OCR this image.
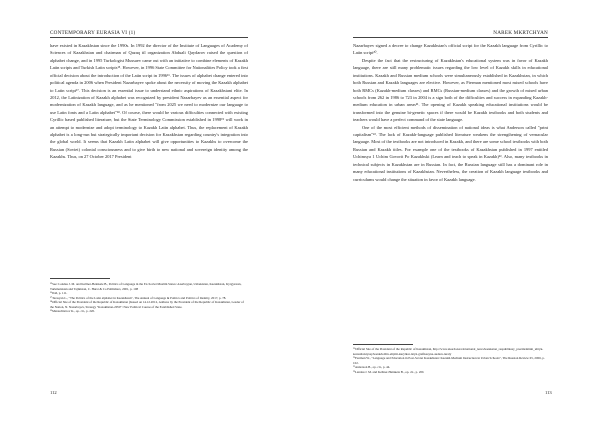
CONTEMPORARY EURASIA VI (1)

have existed in Kazakhstan since the 1990s. In 1992 the director of the Institute of Languages of Academy of Sciences of Kazakhstan and chairman of Qazaq til organization Abduali Qaydarov raised the question of alphabet change, and in 1995 Turkologist Mussaev came out with an initiative to combine elements of Kazakh Latin scripts and Turkish Latin scripts¹⁵. However, in 1996 State Committee for Nationalities Policy took a first official decision about the introduction of the Latin script in 1996¹⁶. The issues of alphabet change entered into political agenda in 2006 when President Nazarbayev spoke about the necessity of moving the Kazakh alphabet to Latin script¹⁷. This decision is an essential issue to understand ethnic aspirations of Kazakhstani elite. In 2012, the Latinization of Kazakh alphabet was recognized by president Nazarbayev as an essential aspect for modernization of Kazakh language, and as he mentioned "from 2025 we need to modernize our language to use Latin fonts and a Latin alphabet"¹⁸. Of course, there would be various difficulties connected with existing Cyrillic based published literature, but the State Terminology Commission established in 1998¹⁹ will work in an attempt to modernize and adopt terminology to Kazakh Latin alphabet. Thus, the replacement of Kazakh alphabet is a long-run but strategically important decision for Kazakhstan regarding country's integration into the global world. It seems that Kazakh Latin alphabet will give opportunities to Kazakhs to overcome the Russian (Soviet) colonial consciousness and to give birth to new national and sovereign identity among the Kazakhs. Thus, on 27 October 2017 President

¹⁵See: Landau J. M. and Kellner-Heinkele B., Politics of Language in the Ex-Soviet Muslim States: Azerbayjan, Uzbekistan, Kazakhstan, Kyrgyzstan, Turkmenistan and Tajikistan, C. Hurst & Co Publishers, 2001, p. 108
¹⁶Ibid, p. 111.
¹⁷Tarasyan L., "The Politics of the Latin alphabet in Kazakhstan", The Annual of Language & Politics and Politics of Identity, 2017, p. 78.
¹⁸Official Site of the President of the Republic of Kazakhstan (Issued on 14.12.2012, Address by the President of the Republic of Kazakhstan, Leader of the Nation, N. Nazarbayev, Strategy "Kazakhstan-2050": New Political Course of the Established State.
¹⁹Matsuchistrov K., op. cit., p. 220.
112
NAREK MKRTCHYAN

Nazarbayev signed a decree to change Kazakhstan's official script for the Kazakh language from Cyrillic to Latin script²⁰.

Despite the fact that the restructuring of Kazakhstan's educational system was in favor of Kazakh language, there are still many problematic issues regarding the low level of Kazakh skills in educational institutions. Kazakh and Russian medium schools were simultaneously established in Kazakhstan, in which both Russian and Kazakh languages are elective. However, as Fierman mentioned most mixed schools have both RMCs (Kazakh-medium classes) and RMCs (Russian-medium classes) and the growth of mixed urban schools from 262 in 1986 to 723 in 2004 is a sign both of the difficulties and success in expanding Kazakh-medium education in urban areas²¹. The opening of Kazakh speaking educational institutions would be transformed into the genuine bi-genetic spaces if there would be Kazakh textbooks and both students and teachers would have a perfect command of the state language.

One of the most efficient methods of dissemination of national ideas is what Anderson called "print capitalism"²². The lack of Kazakh-language published literature weakens the strengthening of vernacular language. Most of the textbooks are not introduced in Kazakh, and there are some school textbooks with both Russian and Kazakh titles. For example one of the textbooks of Kazakhstan published in 1997 entitled Uchimsya 1 Uchim Govorit Po Kazakhski (Learn and teach to speak in Kazakh)²³. Also, many textbooks in technical subjects in Kazakhstan are in Russian. In fact, the Russian language still has a dominant role in many educational institutions of Kazakhstan. Nevertheless, the creation of Kazakh language textbooks and curriculums would change the situation in favor of Kazakh language.

²⁰Official Site of the President of the Republic of Kazakhstan, http://www.akorda.kz/en/national_news/kazakstan_respublikasy_prezidentinin_ulttyk-konsultatsiyasy/kazakh-tilin-elipbii-kurylkar-latyn-grafikasyna-audaru-turaly
²¹Fierman W., "Language and Education in Post-Soviet Kazakhstan: Kazakh-Medium Instruction in Urban Schools", The Russian Review 65, 2006, p. 102.
²²Anderson B., op. cit., p. 44.
²³Landau J. M. and Kellner-Heinkele B., op. cit., p. 206
113
